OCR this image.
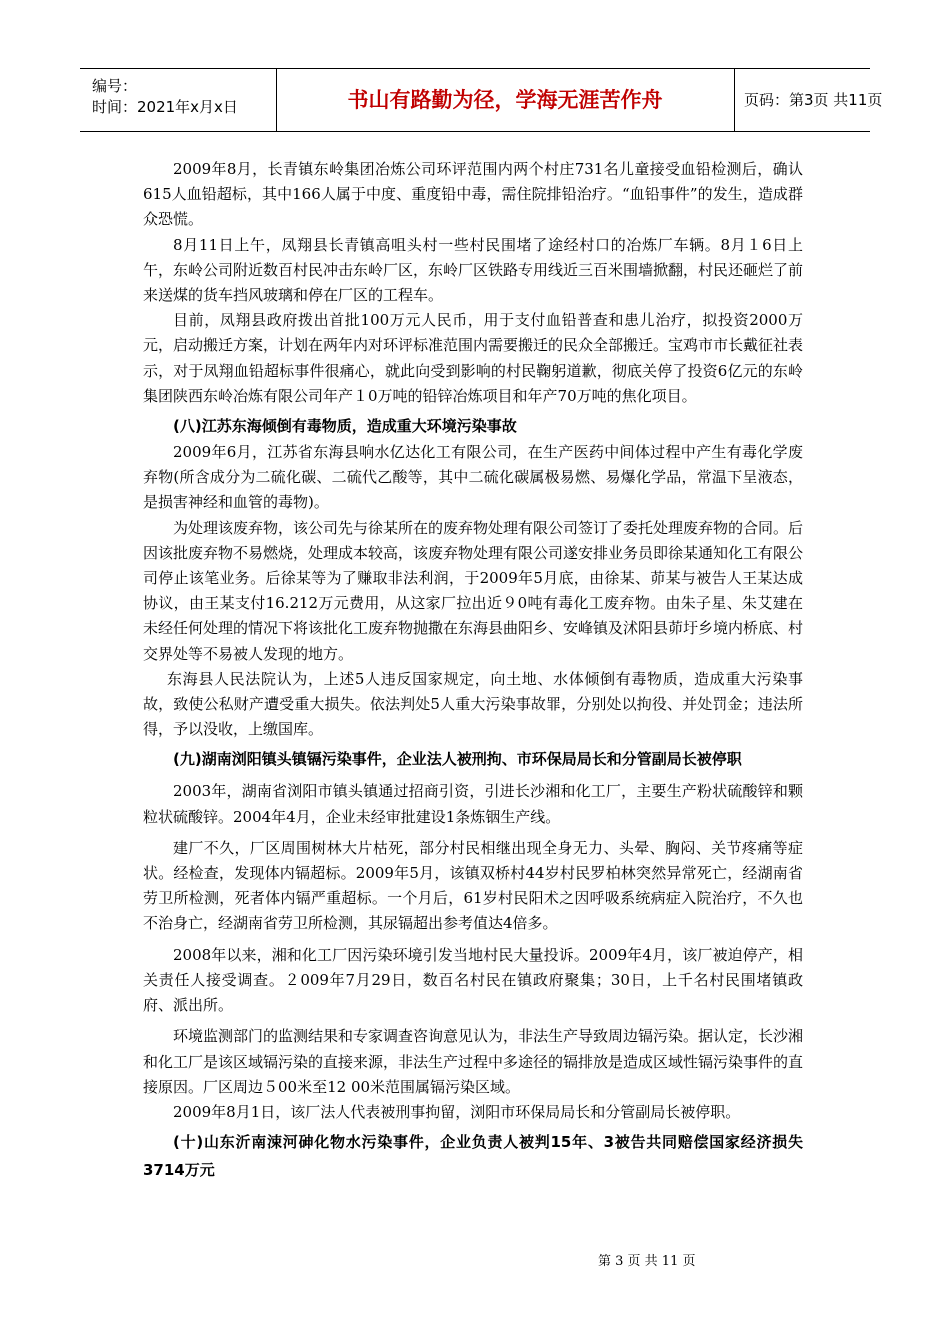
编号：
时间：2021年x月x日	书山有路勤为径，学海无涯苦作舟	页码：第3页 共11页

2009年8月，长青镇东岭集团冶炼公司环评范围内两个村庄731名儿童接受血铅检测后，确认615人血铅超标，其中166人属于中度、重度铅中毒，需住院排铅治疗。“血铅事件”的发生，造成群众恐慌。

8月11日上午，凤翔县长青镇高咀头村一些村民围堵了途经村口的冶炼厂车辆。8月１6日上午，东岭公司附近数百村民冲击东岭厂区，东岭厂区铁路专用线近三百米围墙掀翻，村民还砸烂了前来送煤的货车挡风玻璃和停在厂区的工程车。

目前，凤翔县政府拨出首批100万元人民币，用于支付血铅普查和患儿治疗，拟投资2000万元，启动搬迁方案，计划在两年内对环评标准范围内需要搬迁的民众全部搬迁。宝鸡市市长戴征社表示，对于凤翔血铅超标事件很痛心，就此向受到影响的村民鞠躬道歉，彻底关停了投资6亿元的东岭集团陕西东岭冶炼有限公司年产１0万吨的铅锌冶炼项目和年产70万吨的焦化项目。

(八)江苏东海倾倒有毒物质，造成重大环境污染事故

2009年6月，江苏省东海县响水亿达化工有限公司，在生产医药中间体过程中产生有毒化学废弃物(所含成分为二硫化碳、二硫代乙酸等，其中二硫化碳属极易燃、易爆化学品，常温下呈液态，是损害神经和血管的毒物)。

为处理该废弃物，该公司先与徐某所在的废弃物处理有限公司签订了委托处理废弃物的合同。后因该批废弃物不易燃烧，处理成本较高，该废弃物处理有限公司遂安排业务员即徐某通知化工有限公司停止该笔业务。后徐某等为了赚取非法利润，于2009年5月底，由徐某、茆某与被告人王某达成协议，由王某支付16.212万元费用，从这家厂拉出近９0吨有毒化工废弃物。由朱子星、朱艾建在未经任何处理的情况下将该批化工废弃物抛撒在东海县曲阳乡、安峰镇及沭阳县茆圩乡境内桥底、村交界处等不易被人发现的地方。

东海县人民法院认为，上述5人违反国家规定，向土地、水体倾倒有毒物质，造成重大污染事故，致使公私财产遭受重大损失。依法判处5人重大污染事故罪，分别处以拘役、并处罚金；违法所得，予以没收，上缴国库。

(九)湖南浏阳镇头镇镉污染事件，企业法人被刑拘、市环保局局长和分管副局长被停职

2003年，湖南省浏阳市镇头镇通过招商引资，引进长沙湘和化工厂，主要生产粉状硫酸锌和颗粒状硫酸锌。2004年4月，企业未经审批建设1条炼铟生产线。

建厂不久，厂区周围树林大片枯死，部分村民相继出现全身无力、头晕、胸闷、关节疼痛等症状。经检查，发现体内镉超标。2009年5月，该镇双桥村44岁村民罗柏林突然异常死亡，经湖南省劳卫所检测，死者体内镉严重超标。一个月后，61岁村民阳术之因呼吸系统病症入院治疗，不久也不治身亡，经湖南省劳卫所检测，其尿镉超出参考值达4倍多。

2008年以来，湘和化工厂因污染环境引发当地村民大量投诉。2009年4月，该厂被迫停产，相关责任人接受调查。２009年7月29日，数百名村民在镇政府聚集；30日，上千名村民围堵镇政府、派出所。

环境监测部门的监测结果和专家调查咨询意见认为，非法生产导致周边镉污染。据认定，长沙湘和化工厂是该区域镉污染的直接来源，非法生产过程中多途径的镉排放是造成区域性镉污染事件的直接原因。厂区周边５00米至12 00米范围属镉污染区域。

2009年8月1日，该厂法人代表被刑事拘留，浏阳市环保局局长和分管副局长被停职。

(十)山东沂南涑河砷化物水污染事件，企业负责人被判15年、3被告共同赔偿国家经济损失3714万元

第 3 页 共 11 页
